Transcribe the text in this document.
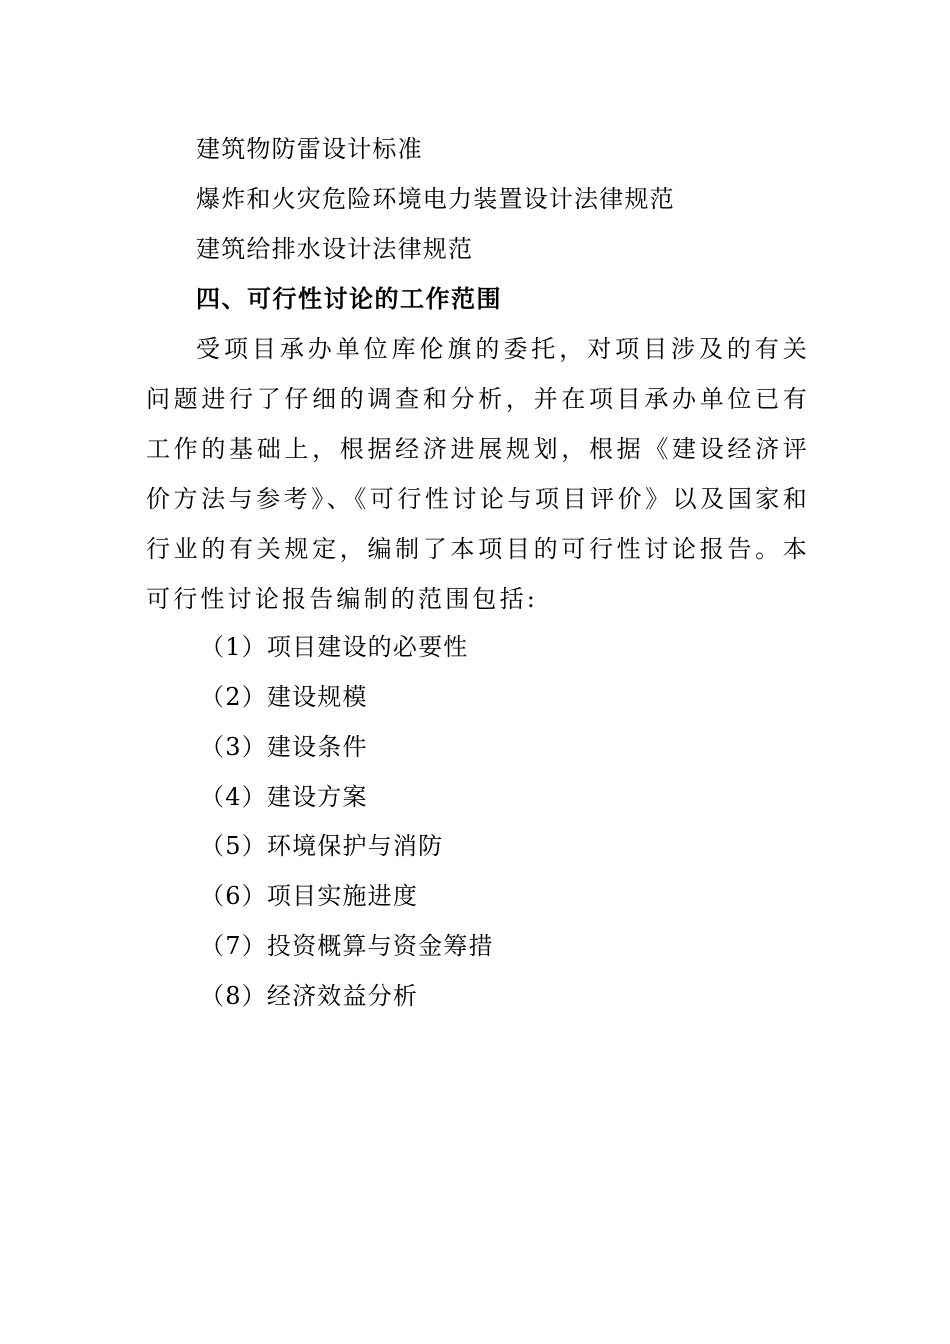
建筑物防雷设计标准
爆炸和火灾危险环境电力装置设计法律规范
建筑给排水设计法律规范
四、可行性讨论的工作范围
受项目承办单位库伦旗的委托，对项目涉及的有关问题进行了仔细的调查和分析，并在项目承办单位已有工作的基础上，根据经济进展规划，根据《建设经济评价方法与参考》、《可行性讨论与项目评价》以及国家和行业的有关规定，编制了本项目的可行性讨论报告。本可行性讨论报告编制的范围包括:
（1）项目建设的必要性
（2）建设规模
（3）建设条件
（4）建设方案
（5）环境保护与消防
（6）项目实施进度
（7）投资概算与资金筹措
（8）经济效益分析
